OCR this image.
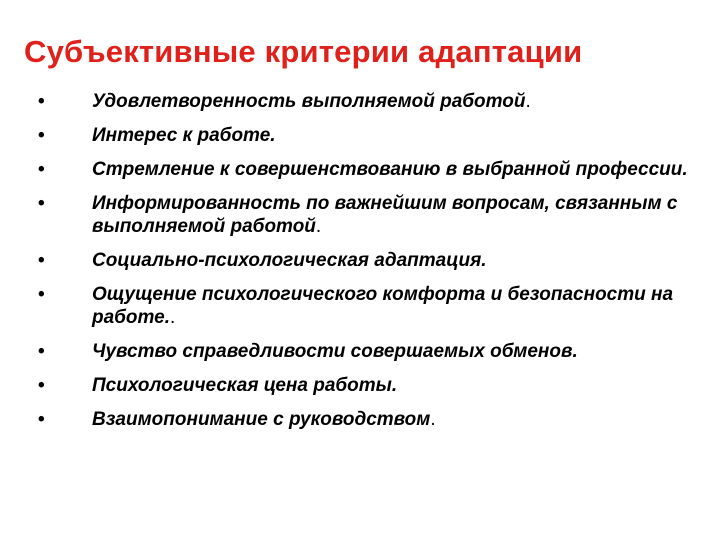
Субъективные критерии адаптации
• Удовлетворенность выполняемой работой.
• Интерес к работе.
• Стремление к совершенствованию в выбранной профессии.
• Информированность по важнейшим вопросам, связанным с выполняемой работой.
• Социально-психологическая адаптация.
• Ощущение психологического комфорта и безопасности на работе..
• Чувство справедливости совершаемых обменов.
• Психологическая цена работы.
• Взаимопонимание с руководством.
